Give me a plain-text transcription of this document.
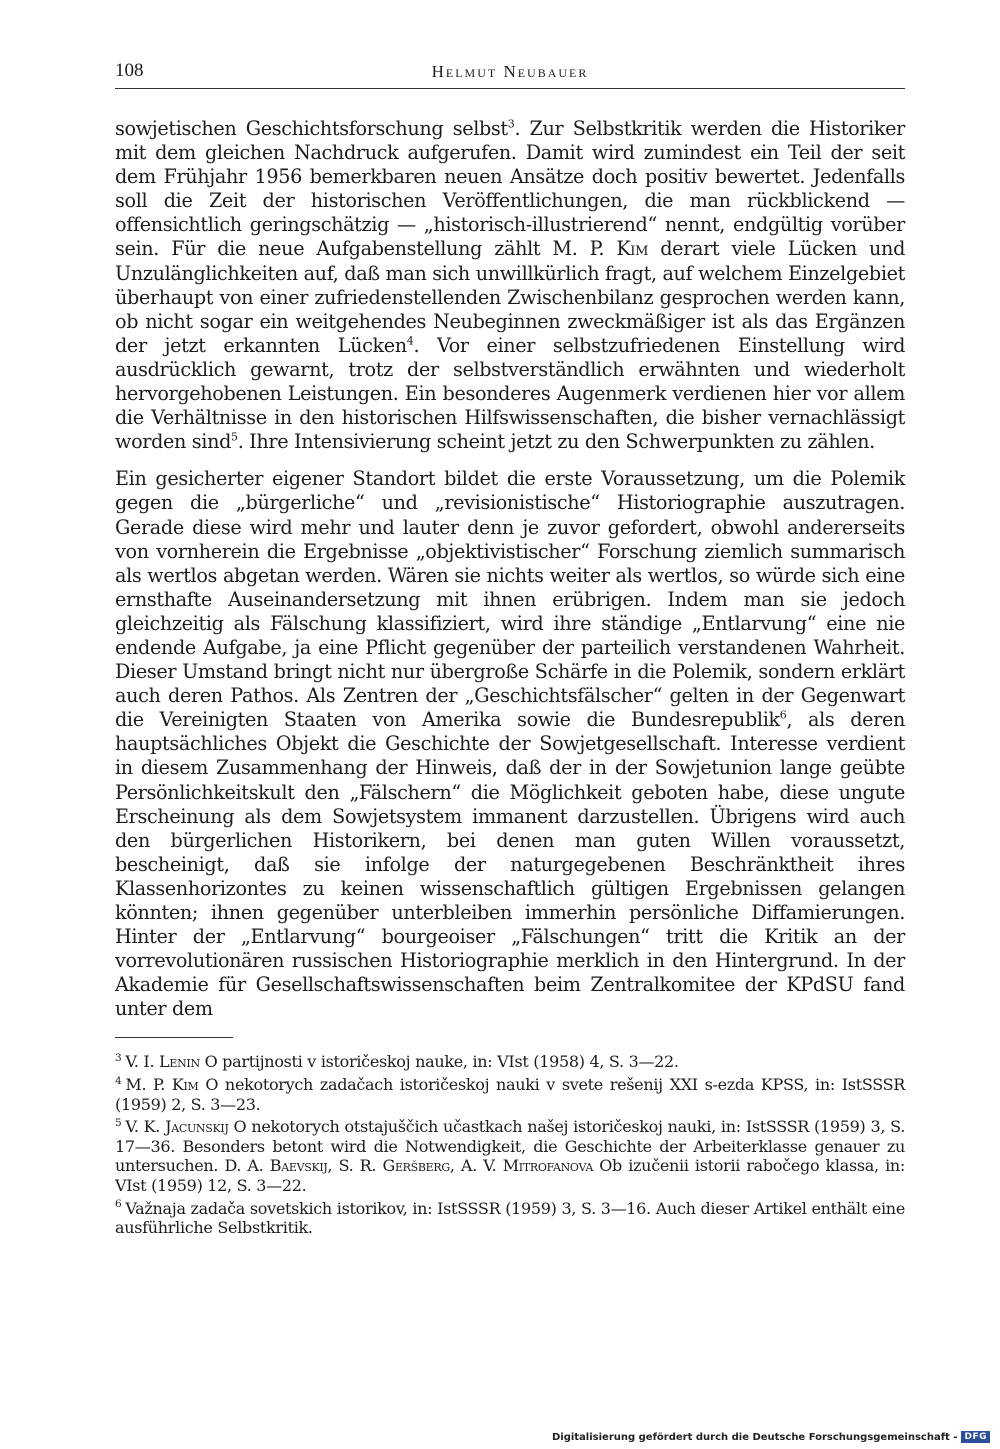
108	Helmut Neubauer

sowjetischen Geschichtsforschung selbst$^3$. Zur Selbstkritik werden die Historiker mit dem gleichen Nachdruck aufgerufen. Damit wird zumindest ein Teil der seit dem Frühjahr 1956 bemerkbaren neuen Ansätze doch positiv bewertet. Jedenfalls soll die Zeit der historischen Veröffentlichungen, die man rückblickend — offensichtlich geringschätzig — „historisch-illustrierend“ nennt, endgültig vorüber sein. Für die neue Aufgabenstellung zählt M. P. Kim derart viele Lücken und Unzulänglichkeiten auf, daß man sich unwillkürlich fragt, auf welchem Einzelgebiet überhaupt von einer zufriedenstellenden Zwischenbilanz gesprochen werden kann, ob nicht sogar ein weitgehendes Neubeginnen zweckmäßiger ist als das Ergänzen der jetzt erkannten Lücken$^4$. Vor einer selbstzufriedenen Einstellung wird ausdrücklich gewarnt, trotz der selbstverständlich erwähnten und wiederholt hervorgehobenen Leistungen. Ein besonderes Augenmerk verdienen hier vor allem die Verhältnisse in den historischen Hilfswissenschaften, die bisher vernachlässigt worden sind$^5$. Ihre Intensivierung scheint jetzt zu den Schwerpunkten zu zählen.

Ein gesicherter eigener Standort bildet die erste Voraussetzung, um die Polemik gegen die „bürgerliche“ und „revisionistische“ Historiographie auszutragen. Gerade diese wird mehr und lauter denn je zuvor gefordert, obwohl andererseits von vornherein die Ergebnisse „objektivistischer“ Forschung ziemlich summarisch als wertlos abgetan werden. Wären sie nichts weiter als wertlos, so würde sich eine ernsthafte Auseinandersetzung mit ihnen erübrigen. Indem man sie jedoch gleichzeitig als Fälschung klassifiziert, wird ihre ständige „Entlarvung“ eine nie endende Aufgabe, ja eine Pflicht gegenüber der parteilich verstandenen Wahrheit. Dieser Umstand bringt nicht nur übergroße Schärfe in die Polemik, sondern erklärt auch deren Pathos. Als Zentren der „Geschichtsfälscher“ gelten in der Gegenwart die Vereinigten Staaten von Amerika sowie die Bundesrepublik$^6$, als deren hauptsächliches Objekt die Geschichte der Sowjetgesellschaft. Interesse verdient in diesem Zusammenhang der Hinweis, daß der in der Sowjetunion lange geübte Persönlichkeitskult den „Fälschern“ die Möglichkeit geboten habe, diese ungute Erscheinung als dem Sowjetsystem immanent darzustellen. Übrigens wird auch den bürgerlichen Historikern, bei denen man guten Willen voraussetzt, bescheinigt, daß sie infolge der naturgegebenen Beschränktheit ihres Klassenhorizontes zu keinen wissenschaftlich gültigen Ergebnissen gelangen könnten; ihnen gegenüber unterbleiben immerhin persönliche Diffamierungen. Hinter der „Entlarvung“ bourgeoiser „Fälschungen“ tritt die Kritik an der vorrevolutionären russischen Historiographie merklich in den Hintergrund. In der Akademie für Gesellschaftswissenschaften beim Zentralkomitee der KPdSU fand unter dem

$^3$ V. I. Lenin O partijnosti v istoričeskoj nauke, in: VIst (1958) 4, S. 3—22.
$^4$ M. P. Kim O nekotorych zadačach istoričeskoj nauki v svete rešenij XXI s-ezda KPSS, in: IstSSSR (1959) 2, S. 3—23.
$^5$ V. K. Jacunskij O nekotorych otstajuščich učastkach našej istoričeskoj nauki, in: IstSSSR (1959) 3, S. 17—36. Besonders betont wird die Notwendigkeit, die Geschichte der Arbeiterklasse genauer zu untersuchen. D. A. Baevskij, S. R. Geršberg, A. V. Mitrofanova Ob izučenii istorii rabočego klassa, in: VIst (1959) 12, S. 3—22.
$^6$ Važnaja zadača sovetskich istorikov, in: IstSSSR (1959) 3, S. 3—16. Auch dieser Artikel enthält eine ausführliche Selbstkritik.
Digitalisierung gefördert durch die Deutsche Forschungsgemeinschaft - DFG
